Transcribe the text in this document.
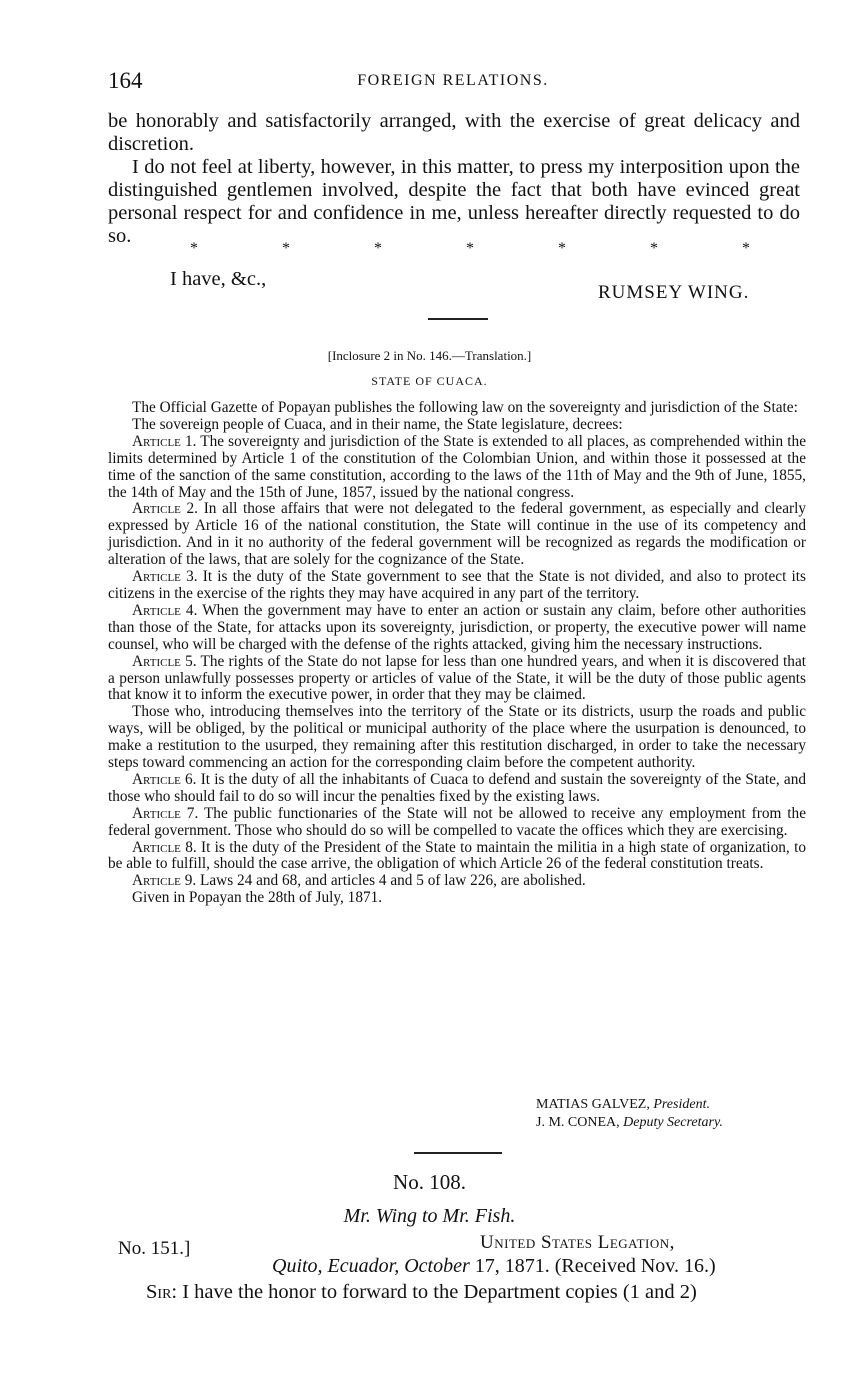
164	FOREIGN RELATIONS.

be honorably and satisfactorily arranged, with the exercise of great delicacy and discretion.

I do not feel at liberty, however, in this matter, to press my interposition upon the distinguished gentlemen involved, despite the fact that both have evinced great personal respect for and confidence in me, unless hereafter directly requested to do so.

*	*	*	*	*	*	*
I have, &c.,
RUMSEY WING.
[Inclosure 2 in No. 146.—Translation.]
STATE OF CUACA.

The Official Gazette of Popayan publishes the following law on the sovereignty and jurisdiction of the State:

The sovereign people of Cuaca, and in their name, the State legislature, decrees:

Article 1. The sovereignty and jurisdiction of the State is extended to all places, as comprehended within the limits determined by Article 1 of the constitution of the Colombian Union, and within those it possessed at the time of the sanction of the same constitution, according to the laws of the 11th of May and the 9th of June, 1855, the 14th of May and the 15th of June, 1857, issued by the national congress.

Article 2. In all those affairs that were not delegated to the federal government, as especially and clearly expressed by Article 16 of the national constitution, the State will continue in the use of its competency and jurisdiction. And in it no authority of the federal government will be recognized as regards the modification or alteration of the laws, that are solely for the cognizance of the State.

Article 3. It is the duty of the State government to see that the State is not divided, and also to protect its citizens in the exercise of the rights they may have acquired in any part of the territory.

Article 4. When the government may have to enter an action or sustain any claim, before other authorities than those of the State, for attacks upon its sovereignty, jurisdiction, or property, the executive power will name counsel, who will be charged with the defense of the rights attacked, giving him the necessary instructions.

Article 5. The rights of the State do not lapse for less than one hundred years, and when it is discovered that a person unlawfully possesses property or articles of value of the State, it will be the duty of those public agents that know it to inform the executive power, in order that they may be claimed.

Those who, introducing themselves into the territory of the State or its districts, usurp the roads and public ways, will be obliged, by the political or municipal authority of the place where the usurpation is denounced, to make a restitution to the usurped, they remaining after this restitution discharged, in order to take the necessary steps toward commencing an action for the corresponding claim before the competent authority.

Article 6. It is the duty of all the inhabitants of Cuaca to defend and sustain the sovereignty of the State, and those who should fail to do so will incur the penalties fixed by the existing laws.

Article 7. The public functionaries of the State will not be allowed to receive any employment from the federal government. Those who should do so will be compelled to vacate the offices which they are exercising.

Article 8. It is the duty of the President of the State to maintain the militia in a high state of organization, to be able to fulfill, should the case arrive, the obligation of which Article 26 of the federal constitution treats.

Article 9. Laws 24 and 68, and articles 4 and 5 of law 226, are abolished.

Given in Popayan the 28th of July, 1871.

MATIAS GALVEZ, President.
J. M. CONEA, Deputy Secretary.
No. 108.
Mr. Wing to Mr. Fish.
No. 151.]	United States Legation,
Quito, Ecuador, October 17, 1871. (Received Nov. 16.)
Sir: I have the honor to forward to the Department copies (1 and 2)
